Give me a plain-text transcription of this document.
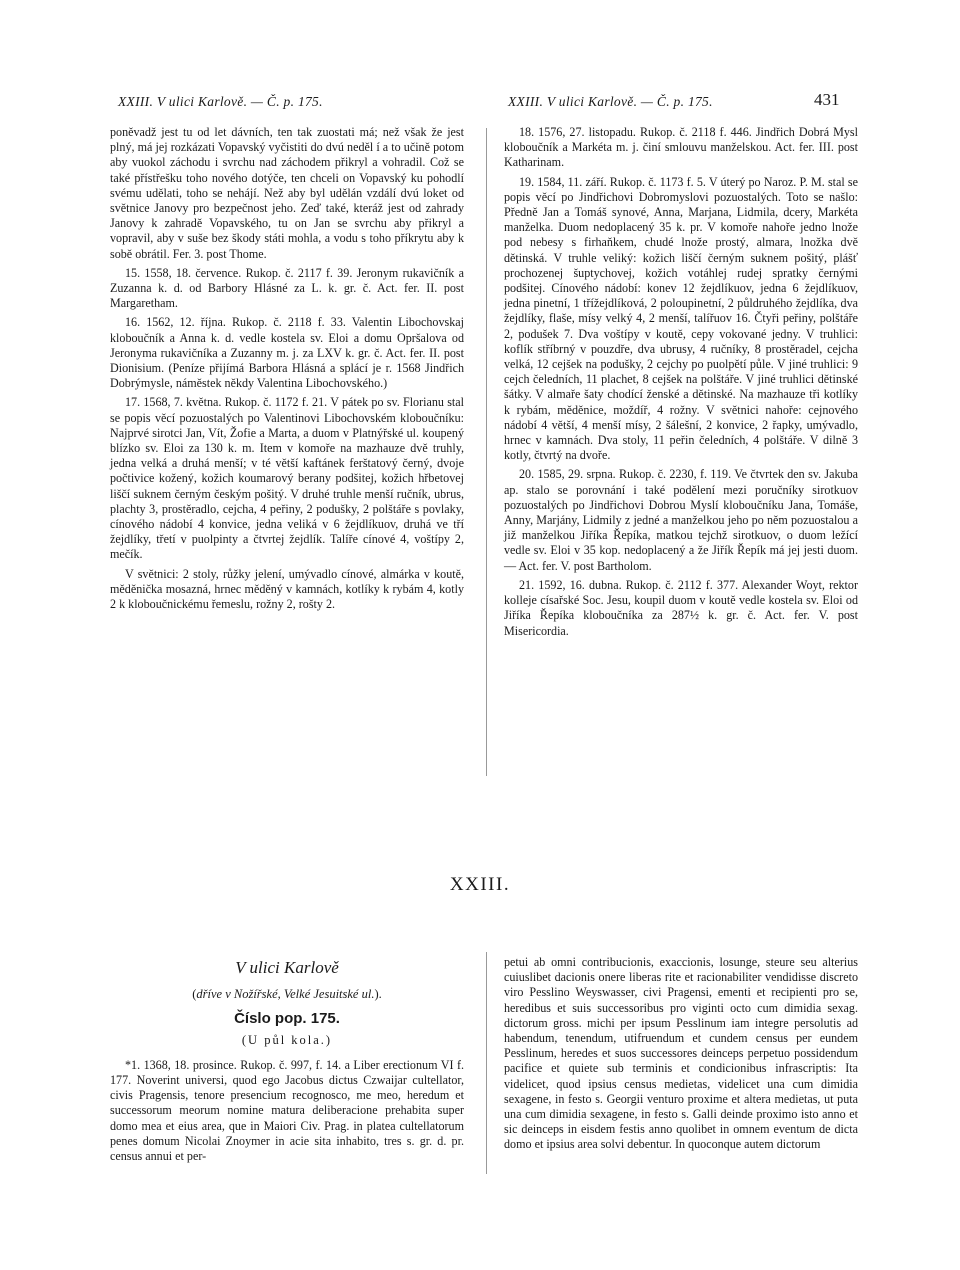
XXIII. V ulici Karlově. — Č. p. 175.	XXIII. V ulici Karlově. — Č. p. 175.	431

poněvadž jest tu od let dávních, ten tak zuostati má; než však že jest plný, má jej rozkázati Vopavský vyčistiti do dvú neděl í a to učině potom aby vuokol záchodu i svrchu nad záchodem přikryl a vohradil. Což se také přístřešku toho nového dotýče, ten chceli on Vopavský ku pohodlí svému udělati, toho se nehájí. Než aby byl udělán vzdálí dvú loket od světnice Janovy pro bezpečnost jeho. Zeď také, kteráž jest od zahrady Janovy k zahradě Vopavského, tu on Jan se svrchu aby přikryl a vopravil, aby v suše bez škody státi mohla, a vodu s toho příkrytu aby k sobě obrátil. Fer. 3. post Thome.

15. 1558, 18. července. Rukop. č. 2117 f. 39. Jeronym rukavičník a Zuzanna k. d. od Barbory Hlásné za L. k. gr. č. Act. fer. II. post Margaretham.

16. 1562, 12. října. Rukop. č. 2118 f. 33. Valentin Libochovskaj kloboučník a Anna k. d. vedle kostela sv. Eloi a domu Opršalova od Jeronyma rukavičníka a Zuzanny m. j. za LXV k. gr. č. Act. fer. II. post Dionisium. (Peníze přijímá Barbora Hlásná a splácí je r. 1568 Jindřich Dobrýmysle, náměstek někdy Valentina Libochovského.)

17. 1568, 7. května. Rukop. č. 1172 f. 21. V pátek po sv. Florianu stal se popis věcí pozuostalých po Valentinovi Libochovském kloboučníku: Najprvé sirotci Jan, Vít, Žofie a Marta, a duom v Platnýřské ul. koupený blízko sv. Eloi za 130 k. m. Item v komoře na mazhauze dvě truhly, jedna velká a druhá menší; v té větší kaftánek ferštatový černý, dvoje počtivice kožený, kožich koumarový berany podšitej, kožich hřbetovej liščí suknem černým českým pošitý. V druhé truhle menší ručník, ubrus, plachty 3, prostěradlo, cejcha, 4 peřiny, 2 podušky, 2 polštáře s povlaky, cínového nádobí 4 konvice, jedna veliká v 6 žejdlíkuov, druhá ve tří žejdlíky, třetí v puolpinty a čtvrtej žejdlík. Talíře cínové 4, voštípy 2, mečík.

V světnici: 2 stoly, růžky jelení, umývadlo cínové, almárka v koutě, měděnička mosazná, hrnec měděný v kamnách, kotlíky k rybám 4, kotly 2 k kloboučnickému řemeslu, rožny 2, rošty 2.

18. 1576, 27. listopadu. Rukop. č. 2118 f. 446. Jindřich Dobrá Mysl kloboučník a Markéta m. j. činí smlouvu manželskou. Act. fer. III. post Katharinam.

19. 1584, 11. září. Rukop. č. 1173 f. 5. V úterý po Naroz. P. M. stal se popis věcí po Jindřichovi Dobromyslovi pozuostalých. Toto se našlo: Předně Jan a Tomáš synové, Anna, Marjana, Lidmila, dcery, Markéta manželka. Duom nedoplacený 35 k. pr. V komoře nahoře jedno lnože pod nebesy s firhaňkem, chudé lnože prostý, almara, lnožka dvě dětinská. V truhle veliký: kožich liščí černým suknem pošitý, plášť prochozenej šuptychovej, kožich votáhlej rudej spratky černými podšitej. Cínového nádobí: konev 12 žejdlíkuov, jedna 6 žejdlíkuov, jedna pinetní, 1 třížejdlíková, 2 poloupinetní, 2 půldruhého žejdlíka, dva žejdlíky, flaše, mísy velký 4, 2 menší, talířuov 16. Čtyři peřiny, polštáře 2, podušek 7. Dva voštípy v koutě, cepy vokované jedny. V truhlici: koflík stříbrný v pouzdře, dva ubrusy, 4 ručníky, 8 prostěradel, cejcha velká, 12 cejšek na podušky, 2 cejchy po puolpětí půle. V jiné truhlici: 9 cejch čeledních, 11 plachet, 8 cejšek na polštáře. V jiné truhlici dětinské šátky. V almaře šaty chodící ženské a dětinské. Na mazhauze tři kotlíky k rybám, měděnice, moždíř, 4 rožny. V světnici nahoře: cejnového nádobí 4 větší, 4 menší mísy, 2 šálešní, 2 konvice, 2 řapky, umývadlo, hrnec v kamnách. Dva stoly, 11 peřin čeledních, 4 polštáře. V dilně 3 kotly, čtvrtý na dvoře.

20. 1585, 29. srpna. Rukop. č. 2230, f. 119. Ve čtvrtek den sv. Jakuba ap. stalo se porovnání i také podělení mezi poručníky sirotkuov pozuostalých po Jindřichovi Dobrou Myslí kloboučníku Jana, Tomáše, Anny, Marjány, Lidmily z jedné a manželkou jeho po něm pozuostalou a již manželkou Jiříka Řepíka, matkou tejchž sirotkuov, o duom ležící vedle sv. Eloi v 35 kop. nedoplacený a že Jiřík Řepík má jej jesti duom. — Act. fer. V. post Bartholom.

21. 1592, 16. dubna. Rukop. č. 2112 f. 377. Alexander Woyt, rektor kolleje císařské Soc. Jesu, koupil duom v koutě vedle kostela sv. Eloi od Jiříka Řepíka kloboučníka za 287½ k. gr. č. Act. fer. V. post Misericordia.

XXIII.
V ulici Karlově
(dříve v Nožířské, Velké Jesuitské ul.).
Číslo pop. 175.
(U půl kola.)

*1. 1368, 18. prosince. Rukop. č. 997, f. 14. a Liber erectionum VI f. 177. Noverint universi, quod ego Jacobus dictus Czwaijar cultellator, civis Pragensis, tenore presencium recognosco, me meo, heredum et successorum meorum nomine matura deliberacione prehabita super domo mea et eius area, que in Maiori Civ. Prag. in platea cultellatorum penes domum Nicolai Znoymer in acie sita inhabito, tres s. gr. d. pr. census annui et per-

petui ab omni contribucionis, exaccionis, losunge, steure seu alterius cuiuslibet dacionis onere liberas rite et racionabiliter vendidisse discreto viro Pesslino Weyswasser, civi Pragensi, ementi et recipienti pro se, heredibus et suis successoribus pro viginti octo cum dimidia sexag. dictorum gross. michi per ipsum Pesslinum iam integre persolutis ad habendum, tenendum, utifruendum et cundem census per eundem Pesslinum, heredes et suos successores deinceps perpetuo possidendum pacifice et quiete sub terminis et condicionibus infrascriptis: Ita videlicet, quod ipsius census medietas, videlicet una cum dimidia sexagene, in festo s. Georgii venturo proxime et altera medietas, ut puta una cum dimidia sexagene, in festo s. Galli deinde proximo isto anno et sic deinceps in eisdem festis anno quolibet in omnem eventum de dicta domo et ipsius area solvi debentur. In quoconque autem dictorum
